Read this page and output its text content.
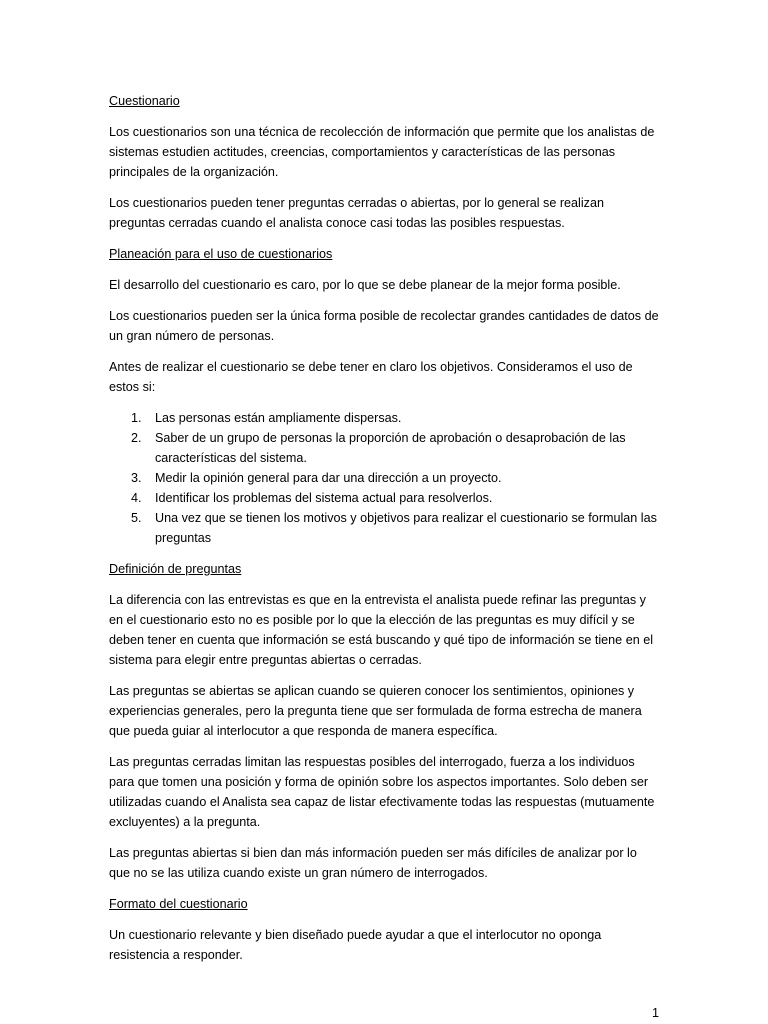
Cuestionario

Los cuestionarios son una técnica de recolección de información que permite que los analistas de sistemas estudien actitudes, creencias, comportamientos y características de las personas principales de la organización.

Los cuestionarios pueden tener preguntas cerradas o abiertas, por lo general se realizan preguntas cerradas cuando el analista conoce casi todas las posibles respuestas.

Planeación para el uso de cuestionarios

El desarrollo del cuestionario es caro, por lo que se debe planear de la mejor forma posible.

Los cuestionarios pueden ser la única forma posible de recolectar grandes cantidades de datos de un gran número de personas.

Antes de realizar el cuestionario se debe tener en claro los objetivos. Consideramos el uso de estos si:

1. Las personas están ampliamente dispersas.
2. Saber de un grupo de personas la proporción de aprobación o desaprobación de las características del sistema.
3. Medir la opinión general para dar una dirección a un proyecto.
4. Identificar los problemas del sistema actual para resolverlos.
5. Una vez que se tienen los motivos y objetivos para realizar el cuestionario se formulan las preguntas
Definición de preguntas

La diferencia con las entrevistas es que en la entrevista el analista puede refinar las preguntas y en el cuestionario esto no es posible por lo que la elección de las preguntas es muy difícil y se deben tener en cuenta que información se está buscando y qué tipo de información se tiene en el sistema para elegir entre preguntas abiertas o cerradas.

Las preguntas se abiertas se aplican cuando se quieren conocer los sentimientos, opiniones y experiencias generales, pero la pregunta tiene que ser formulada de forma estrecha de manera que pueda guiar al interlocutor a que responda de manera específica.

Las preguntas cerradas limitan las respuestas posibles del interrogado, fuerza a los individuos para que tomen una posición y forma de opinión sobre los aspectos importantes. Solo deben ser utilizadas cuando el Analista sea capaz de listar efectivamente todas las respuestas (mutuamente excluyentes) a la pregunta.

Las preguntas abiertas si bien dan más información pueden ser más difíciles de analizar por lo que no se las utiliza cuando existe un gran número de interrogados.

Formato del cuestionario

Un cuestionario relevante y bien diseñado puede ayudar a que el interlocutor no oponga resistencia a responder.

1
